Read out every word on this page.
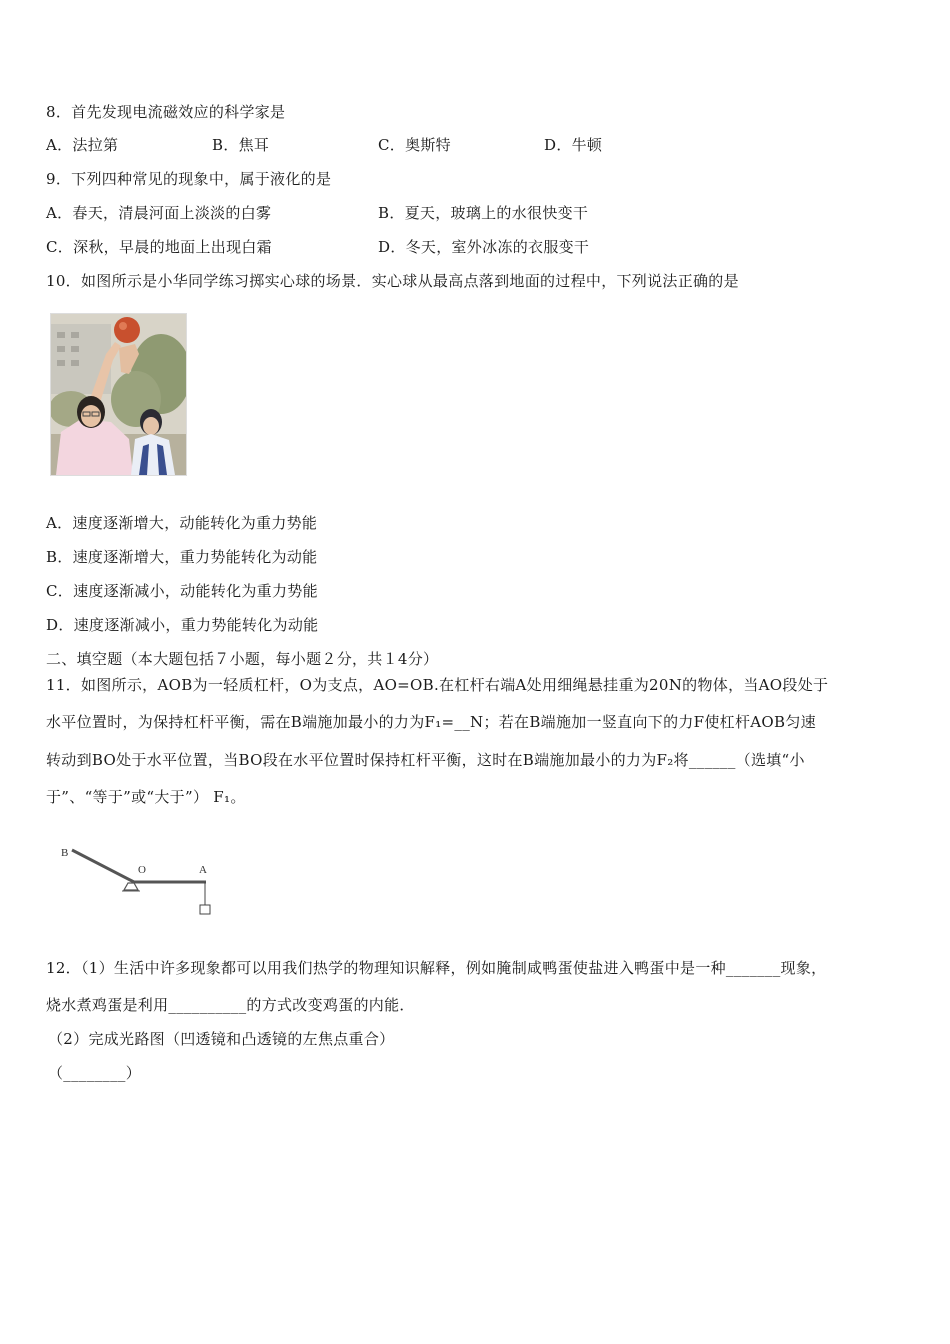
8．首先发现电流磁效应的科学家是
A．法拉第	B．焦耳	C．奥斯特	D．牛顿
9．下列四种常见的现象中，属于液化的是
A．春天，清晨河面上淡淡的白雾	B．夏天，玻璃上的水很快变干
C．深秋，早晨的地面上出现白霜	D．冬天，室外冰冻的衣服变干
10．如图所示是小华同学练习掷实心球的场景．实心球从最高点落到地面的过程中，下列说法正确的是
A．速度逐渐增大，动能转化为重力势能
B．速度逐渐增大，重力势能转化为动能
C．速度逐渐减小，动能转化为重力势能
D．速度逐渐减小，重力势能转化为动能
二、填空题（本大题包括７小题，每小题２分，共１4分）
11．如图所示，AOB为一轻质杠杆，O为支点，AO=OB.在杠杆右端A处用细绳悬挂重为20N的物体，当AO段处于
水平位置时，为保持杠杆平衡，需在B端施加最小的力为F₁=__N；若在B端施加一竖直向下的力F使杠杆AOB匀速
转动到BO处于水平位置，当BO段在水平位置时保持杠杆平衡，这时在B端施加最小的力为F₂将______（选填“小
于”、“等于”或“大于”） F₁。
B
O	A
12．（1）生活中许多现象都可以用我们热学的物理知识解释，例如腌制咸鸭蛋使盐进入鸭蛋中是一种_______现象，
烧水煮鸡蛋是利用__________的方式改变鸡蛋的内能．
（2）完成光路图（凹透镜和凸透镜的左焦点重合）
（________）
